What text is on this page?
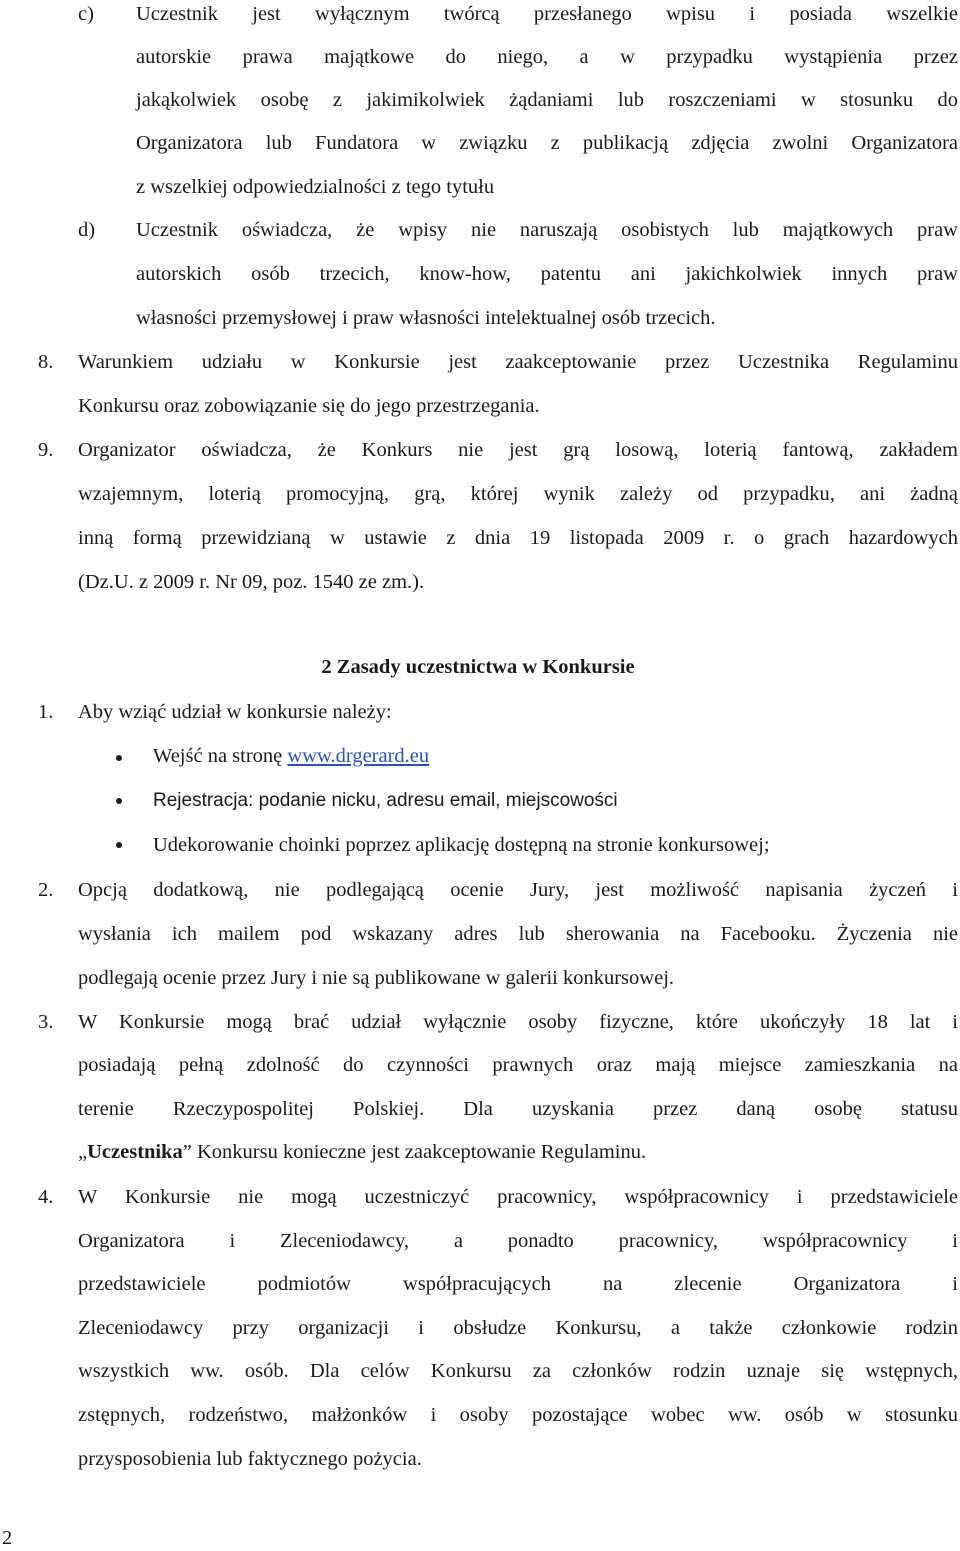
c) Uczestnik jest wyłącznym twórcą przesłanego wpisu i posiada wszelkie
autorskie prawa majątkowe do niego, a w przypadku wystąpienia przez
jakąkolwiek osobę z jakimikolwiek żądaniami lub roszczeniami w stosunku do
Organizatora lub Fundatora w związku z publikacją zdjęcia zwolni Organizatora
z wszelkiej odpowiedzialności z tego tytułu
d) Uczestnik oświadcza, że wpisy nie naruszają osobistych lub majątkowych praw
autorskich osób trzecich, know-how, patentu ani jakichkolwiek innych praw
własności przemysłowej i praw własności intelektualnej osób trzecich.
8. Warunkiem udziału w Konkursie jest zaakceptowanie przez Uczestnika Regulaminu
Konkursu oraz zobowiązanie się do jego przestrzegania.
9. Organizator oświadcza, że Konkurs nie jest grą losową, loterią fantową, zakładem
wzajemnym, loterią promocyjną, grą, której wynik zależy od przypadku, ani żadną
inną formą przewidzianą w ustawie z dnia 19 listopada 2009 r. o grach hazardowych
(Dz.U. z 2009 r. Nr 09, poz. 1540 ze zm.).
2 Zasady uczestnictwa w Konkursie
1. Aby wziąć udział w konkursie należy:
Wejść na stronę www.drgerard.eu
Rejestracja: podanie nicku, adresu email, miejscowości
Udekorowanie choinki poprzez aplikację dostępną na stronie konkursowej;
2. Opcją dodatkową, nie podlegającą ocenie Jury, jest możliwość napisania życzeń i
wysłania ich mailem pod wskazany adres lub sherowania na Facebooku. Życzenia nie
podlegają ocenie przez Jury i nie są publikowane w galerii konkursowej.
3. W Konkursie mogą brać udział wyłącznie osoby fizyczne, które ukończyły 18 lat i
posiadają pełną zdolność do czynności prawnych oraz mają miejsce zamieszkania na
terenie Rzeczypospolitej Polskiej. Dla uzyskania przez daną osobę statusu
„Uczestnika” Konkursu konieczne jest zaakceptowanie Regulaminu.
4. W Konkursie nie mogą uczestniczyć pracownicy, współpracownicy i przedstawiciele
Organizatora i Zleceniodawcy, a ponadto pracownicy, współpracownicy i
przedstawiciele podmiotów współpracujących na zlecenie Organizatora i
Zleceniodawcy przy organizacji i obsłudze Konkursu, a także członkowie rodzin
wszystkich ww. osób. Dla celów Konkursu za członków rodzin uznaje się wstępnych,
zstępnych, rodzeństwo, małżonków i osoby pozostające wobec ww. osób w stosunku
przysposobienia lub faktycznego pożycia.
2
